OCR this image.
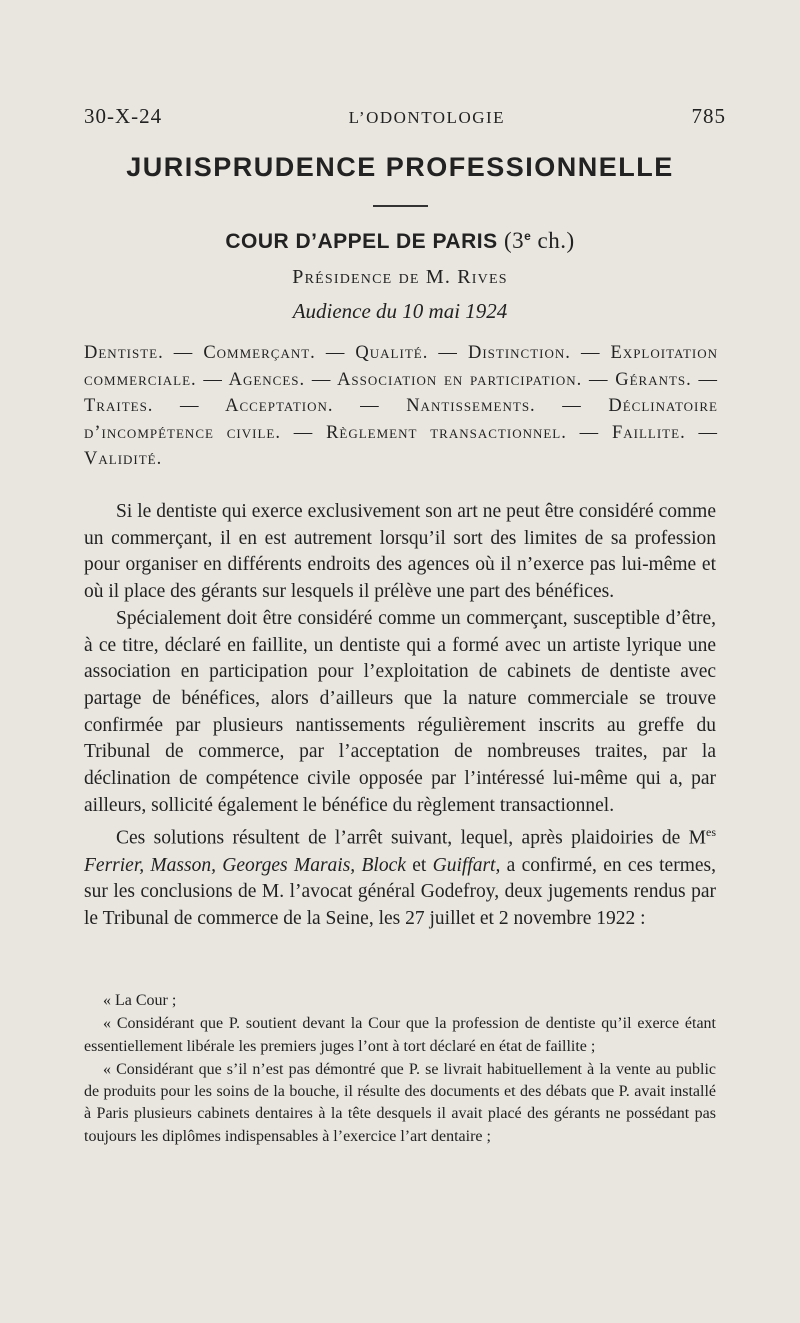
30-X-24	L’ODONTOLOGIE	785
JURISPRUDENCE PROFESSIONNELLE
COUR D’APPEL DE PARIS (3e ch.)
Présidence de M. Rives
Audience du 10 mai 1924
Dentiste. — Commerçant. — Qualité. — Distinction. — Exploitation commerciale. — Agences. — Association en participation. — Gérants. — Traites. — Acceptation. — Nantissements. — Déclinatoire d’incompétence civile. — Règlement transactionnel. — Faillite. — Validité.

Si le dentiste qui exerce exclusivement son art ne peut être considéré comme un commerçant, il en est autrement lorsqu’il sort des limites de sa profession pour organiser en différents endroits des agences où il n’exerce pas lui-même et où il place des gérants sur lesquels il prélève une part des bénéfices.

Spécialement doit être considéré comme un commerçant, susceptible d’être, à ce titre, déclaré en faillite, un dentiste qui a formé avec un artiste lyrique une association en participation pour l’exploitation de cabinets de dentiste avec partage de bénéfices, alors d’ailleurs que la nature commerciale se trouve confirmée par plusieurs nantissements régulièrement inscrits au greffe du Tribunal de commerce, par l’acceptation de nombreuses traites, par la déclination de compétence civile opposée par l’intéressé lui-même qui a, par ailleurs, sollicité également le bénéfice du règlement transactionnel.

Ces solutions résultent de l’arrêt suivant, lequel, après plaidoiries de $M^{es}$ Ferrier, Masson, Georges Marais, Block et Guiffart, a confirmé, en ces termes, sur les conclusions de M. l’avocat général Godefroy, deux jugements rendus par le Tribunal de commerce de la Seine, les 27 juillet et 2 novembre 1922 :

« La Cour ;

« Considérant que P. soutient devant la Cour que la profession de dentiste qu’il exerce étant essentiellement libérale les premiers juges l’ont à tort déclaré en état de faillite ;

« Considérant que s’il n’est pas démontré que P. se livrait habituellement à la vente au public de produits pour les soins de la bouche, il résulte des documents et des débats que P. avait installé à Paris plusieurs cabinets dentaires à la tête desquels il avait placé des gérants ne possédant pas toujours les diplômes indispensables à l’exercice l’art dentaire ;
